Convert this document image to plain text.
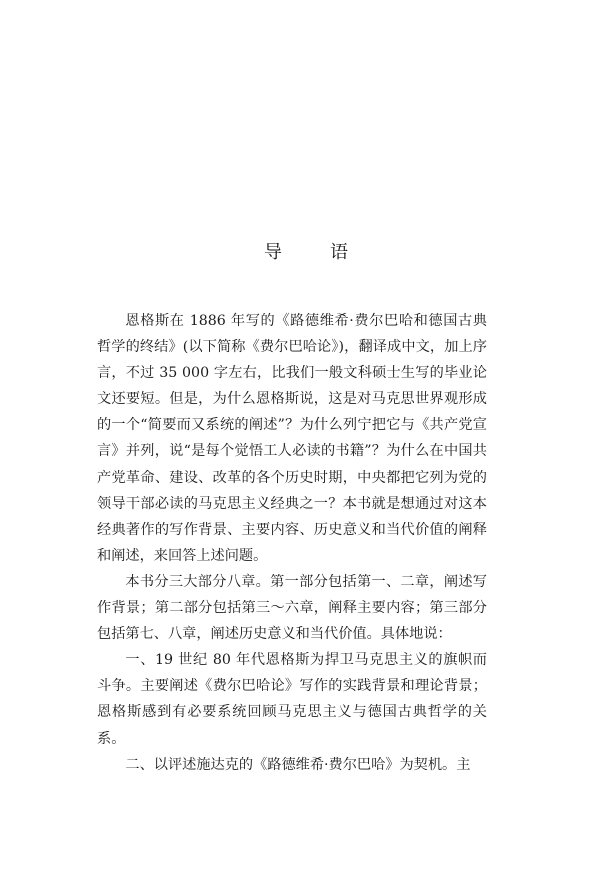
导	语

恩格斯在 1886 年写的《路德维希·费尔巴哈和德国古典哲学的终结》(以下简称《费尔巴哈论》)，翻译成中文，加上序言，不过 35 000 字左右，比我们一般文科硕士生写的毕业论文还要短。但是，为什么恩格斯说，这是对马克思世界观形成的一个“简要而又系统的阐述”？为什么列宁把它与《共产党宣言》并列，说“是每个觉悟工人必读的书籍”？为什么在中国共产党革命、建设、改革的各个历史时期，中央都把它列为党的领导干部必读的马克思主义经典之一？本书就是想通过对这本经典著作的写作背景、主要内容、历史意义和当代价值的阐释和阐述，来回答上述问题。

本书分三大部分八章。第一部分包括第一、二章，阐述写作背景；第二部分包括第三～六章，阐释主要内容；第三部分包括第七、八章，阐述历史意义和当代价值。具体地说：

一、19 世纪 80 年代恩格斯为捍卫马克思主义的旗帜而斗争。主要阐述《费尔巴哈论》写作的实践背景和理论背景；恩格斯感到有必要系统回顾马克思主义与德国古典哲学的关系。

二、以评述施达克的《路德维希·费尔巴哈》为契机。主
